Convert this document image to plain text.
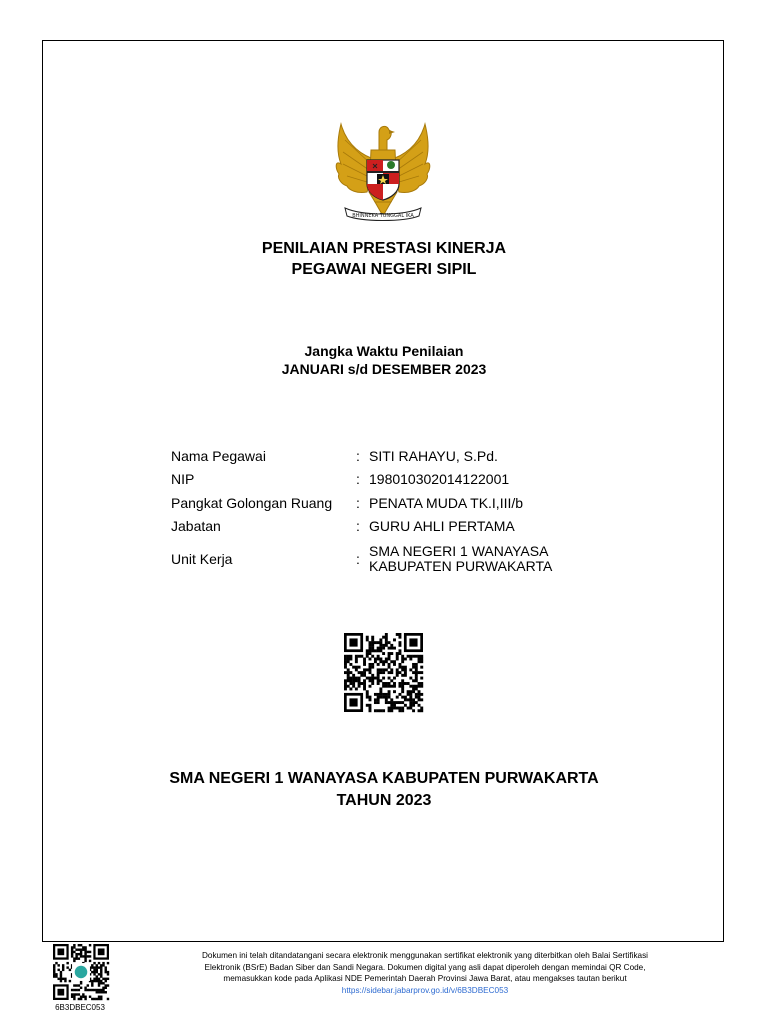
BHINNEKA TUNGGAL IKA
PENILAIAN PRESTASI KINERJA
PEGAWAI NEGERI SIPIL
Jangka Waktu Penilaian
JANUARI s/d DESEMBER 2023
Nama Pegawai	: SITI RAHAYU, S.Pd.
NIP	: 198010302014122001
Pangkat Golongan Ruang	: PENATA MUDA TK.I,III/b
Jabatan	: GURU AHLI PERTAMA
Unit Kerja	: SMA NEGERI 1 WANAYASA
KABUPATEN PURWAKARTA
SMA NEGERI 1 WANAYASA KABUPATEN PURWAKARTA
TAHUN 2023
6B3DBEC053
Dokumen ini telah ditandatangani secara elektronik menggunakan sertifikat elektronik yang diterbitkan oleh Balai Sertifikasi
Elektronik (BSrE) Badan Siber dan Sandi Negara. Dokumen digital yang asli dapat diperoleh dengan memindai QR Code,
memasukkan kode pada Aplikasi NDE Pemerintah Daerah Provinsi Jawa Barat, atau mengakses tautan berikut
https://sidebar.jabarprov.go.id/v/6B3DBEC053
